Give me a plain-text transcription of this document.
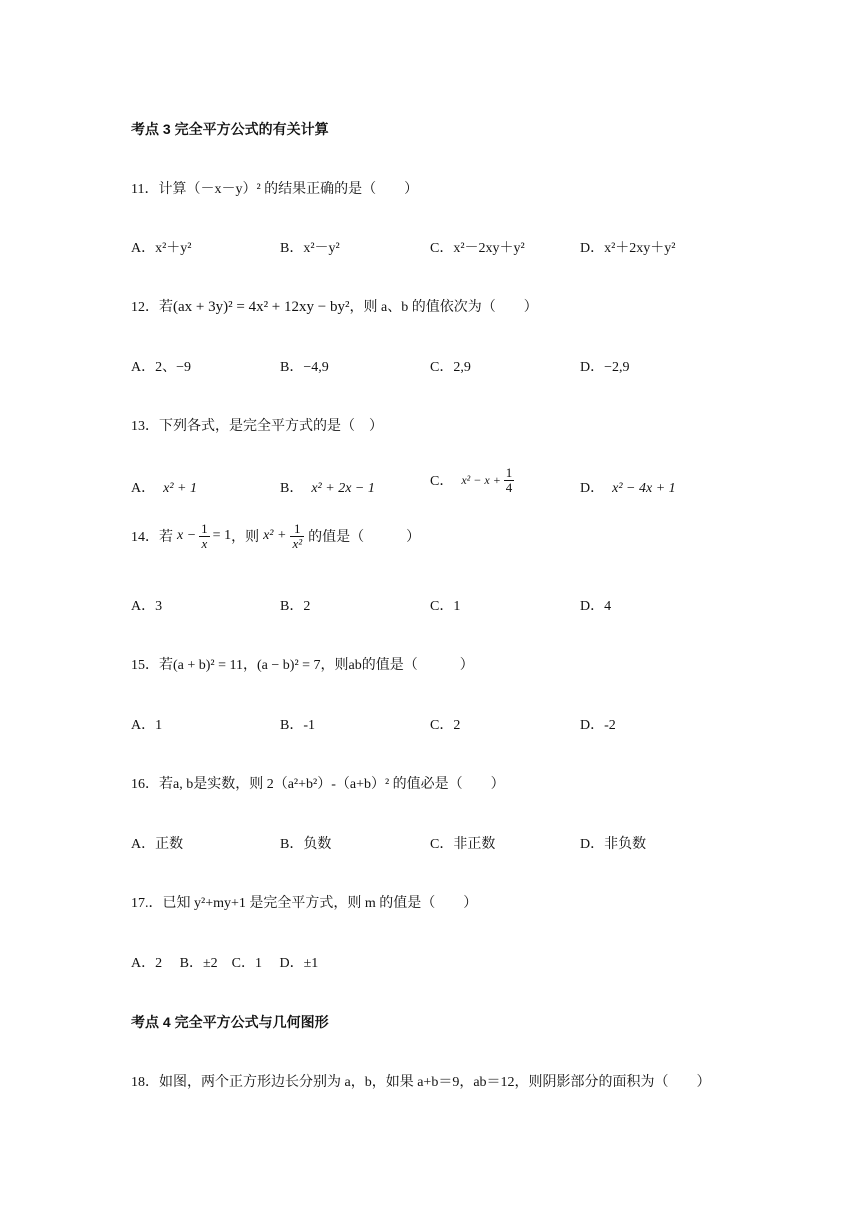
考点 3 完全平方公式的有关计算
11．计算（－x－y）² 的结果正确的是（　　）
A．x²＋y²	B．x²－y²	C．x²－2xy＋y²	D．x²＋2xy＋y²
12．若(ax + 3y)² = 4x² + 12xy − by²，则 a、b 的值依次为（　　）
A．2、−9	B．−4,9	C．2,9	D．−2,9
13．下列各式，是完全平方式的是（　）
A． x² + 1	B． x² + 2x − 1	C． $x^2 - x + \frac{1}{4}$	D． x² − 4x + 1
14．若 $x - \frac{1}{x} = 1$，则 $x^2 + \frac{1}{\text{x²}}$ 的值是（　　　）
A．3	B．2	C．1	D．4
15．若(a + b)² = 11，(a − b)² = 7，则ab的值是（　　　）
A．1	B．-1	C．2	D．-2
16．若a, b是实数，则 2（a²+b²）-（a+b）² 的值必是（　　）
A．正数	B．负数	C．非正数	D．非负数
17.．已知 y²+my+1 是完全平方式，则 m 的值是（　　）
A．2　 B．±2　C．1　 D．±1
考点 4 完全平方公式与几何图形
18．如图，两个正方形边长分别为 a，b，如果 a+b＝9，ab＝12，则阴影部分的面积为（　　）
